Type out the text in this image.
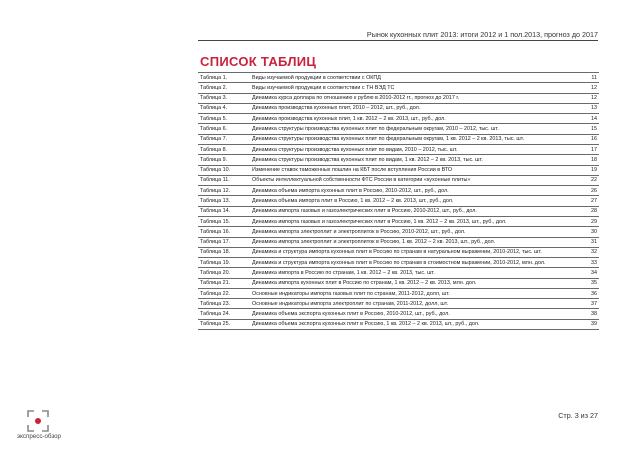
Рынок кухонных плит 2013: итоги 2012 и 1 пол.2013, прогноз до 2017
СПИСОК ТАБЛИЦ
Таблица 1.	Виды изучаемой продукции в соответствии с ОКПД	11
Таблица 2.	Виды изучаемой продукции в соответствии с ТН ВЭД ТС	12
Таблица 3.	Динамика курса доллара по отношению к рублю в 2010-2012 гг., прогноз до 2017 г.	12
Таблица 4.	Динамика производства кухонных плит, 2010 – 2012, шт., руб., дол.	13
Таблица 5.	Динамика производства кухонных плит, 1 кв. 2012 – 2 кв. 2013, шт., руб., дол.	14
Таблица 6.	Динамика структуры производства кухонных плит по федеральным округам, 2010 – 2012, тыс. шт.	15
Таблица 7.	Динамика структуры производства кухонных плит по федеральным округам, 1 кв. 2012 – 2 кв. 2013, тыс. шт.	16
Таблица 8.	Динамика структуры производства кухонных плит по видам, 2010 – 2012, тыс. шт.	17
Таблица 9.	Динамика структуры производства кухонных плит по видам, 1 кв. 2012 – 2 кв. 2013, тыс. шт.	18
Таблица 10.	Изменение ставок таможенных пошлин на КБТ после вступления России в ВТО	19
Таблица 11.	Объекты интеллектуальной собственности ФТС России в категории «кухонные плиты»	22
Таблица 12.	Динамика объема импорта кухонных плит в Россию, 2010-2012, шт., руб., дол.	26
Таблица 13.	Динамика объема импорта плит в Россию, 1 кв. 2012 – 2 кв. 2013, шт., руб., дол.	27
Таблица 14.	Динамика импорта газовых и газоэлектрических плит в Россию, 2010-2012, шт., руб., дол.	28
Таблица 15.	Динамика импорта газовых и газоэлектрических плит в Россию, 1 кв. 2012 – 2 кв. 2013, шт., руб., дол.	29
Таблица 16.	Динамика импорта электроплит и электроплиток в Россию, 2010-2012, шт., руб., дол.	30
Таблица 17.	Динамика импорта электроплит и электроплиток в Россию, 1 кв. 2012 – 2 кв. 2013, шт., руб., дол.	31
Таблица 18.	Динамика и структура импорта кухонных плит в Россию по странам в натуральном выражении, 2010-2012, тыс. шт.	32
Таблица 19.	Динамика и структура импорта кухонных плит в Россию по странам в стоимостном выражении, 2010-2012, млн. дол.	33
Таблица 20.	Динамика импорта в Россию по странам, 1 кв. 2012 – 2 кв. 2013, тыс. шт.	34
Таблица 21.	Динамика импорта кухонных плит в Россию по странам, 1 кв. 2012 – 2 кв. 2013, млн. дол.	35
Таблица 22.	Основные индикаторы импорта газовых плит по странам, 2011-2012, долл, шт.	36
Таблица 23.	Основные индикаторы импорта электроплит по странам, 2011-2012, долл, шт.	37
Таблица 24.	Динамика объема экспорта кухонных плит в Россию, 2010-2012, шт., руб., дол.	38
Таблица 25.	Динамика объема экспорта кухонных плит в Россию, 1 кв. 2012 – 2 кв. 2013, шт., руб., дол.	39
экспресс-обзор
Стр. 3 из 27
